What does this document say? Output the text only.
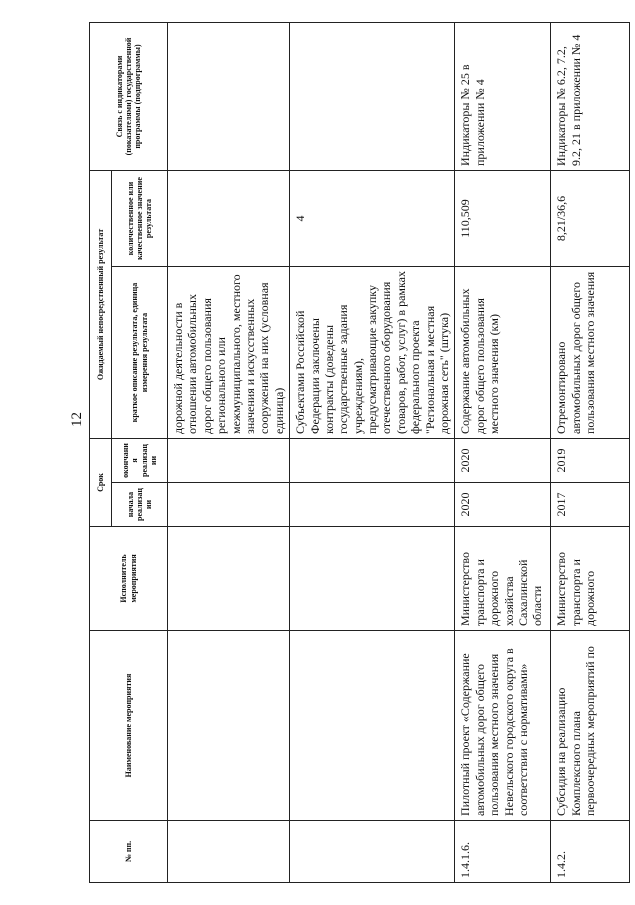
12
№ пп.	Наименование мероприятия	Исполнитель мероприятия	Срок		Ожидаемый непосредственный результат		Связь с индикаторами (показателями) государственной программы (подпрограммы)
			начала реализации	окончания реализации	краткое описание результата, единица измерения результата	количественное или качественное значение результата	
					дорожной деятельности в отношении автомобильных дорог общего пользования регионального или межмуниципального, местного значения и искусственных сооружений на них (условная единица)		
					Субъектами Российской Федерации заключены контракты (доведены государственные задания учреждениям), предусматривающие закупку отечественного оборудования (товаров, работ, услуг) в рамках федерального проекта "Региональная и местная дорожная сеть" (штука)	4	
1.4.1.6.	Пилотный проект «Содержание автомобильных дорог общего пользования местного значения Невельского городского округа в соответствии с нормативами»	Министерство транспорта и дорожного хозяйства Сахалинской области	2020	2020	Содержание автомобильных дорог общего пользования местного значения (км)	110,509	Индикаторы № 25 в приложении № 4
1.4.2.	Субсидия на реализацию Комплексного плана первоочередных мероприятий по	Министерство транспорта и дорожного	2017	2019	Отремонтировано автомобильных дорог общего пользования местного значения	8,21/36,6	Индикаторы № 6.2, 7.2, 9.2, 21 в приложении № 4
